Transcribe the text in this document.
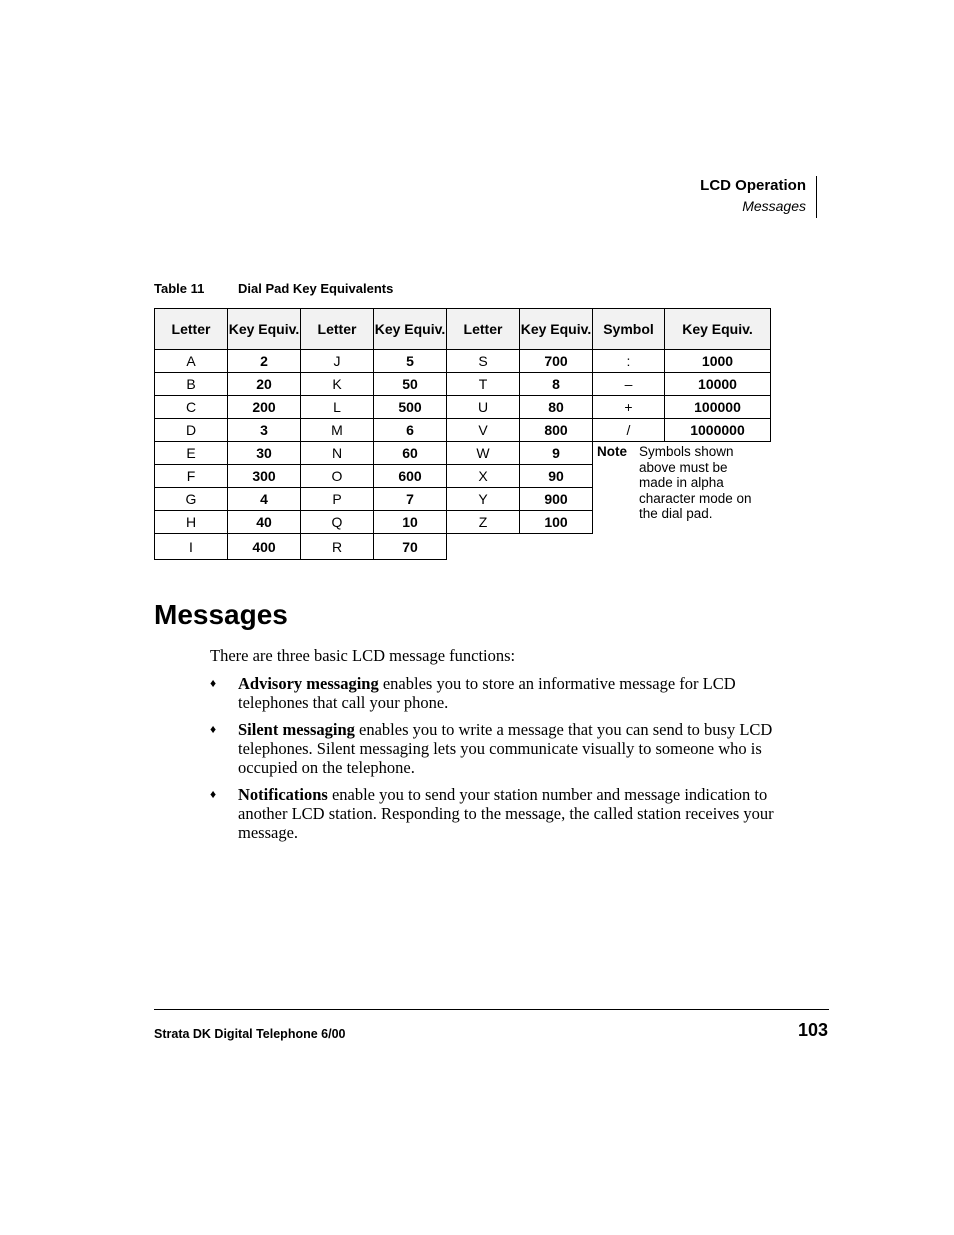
LCD Operation
Messages
Table 11	Dial Pad Key Equivalents
Letter	Key Equiv.	Letter	Key Equiv.	Letter	Key Equiv.	Symbol	Key Equiv.
A	2	J	5	S	700	:	1000
B	20	K	50	T	8	–	10000
C	200	L	500	U	80	+	100000
D	3	M	6	V	800	/	1000000
E	30	N	60	W	9	Note Symbols shown above must be made in alpha character mode on the dial pad.	
F	300	O	600	X	90		
G	4	P	7	Y	900		
H	40	Q	10	Z	100		
I	400	R	70				
Messages

There are three basic LCD message functions:

♦ Advisory messaging enables you to store an informative message for LCD telephones that call your phone.
♦ Silent messaging enables you to write a message that you can send to busy LCD telephones. Silent messaging lets you communicate visually to someone who is occupied on the telephone.
♦ Notifications enable you to send your station number and message indication to another LCD station. Responding to the message, the called station receives your message.
Strata DK Digital Telephone 6/00	103
